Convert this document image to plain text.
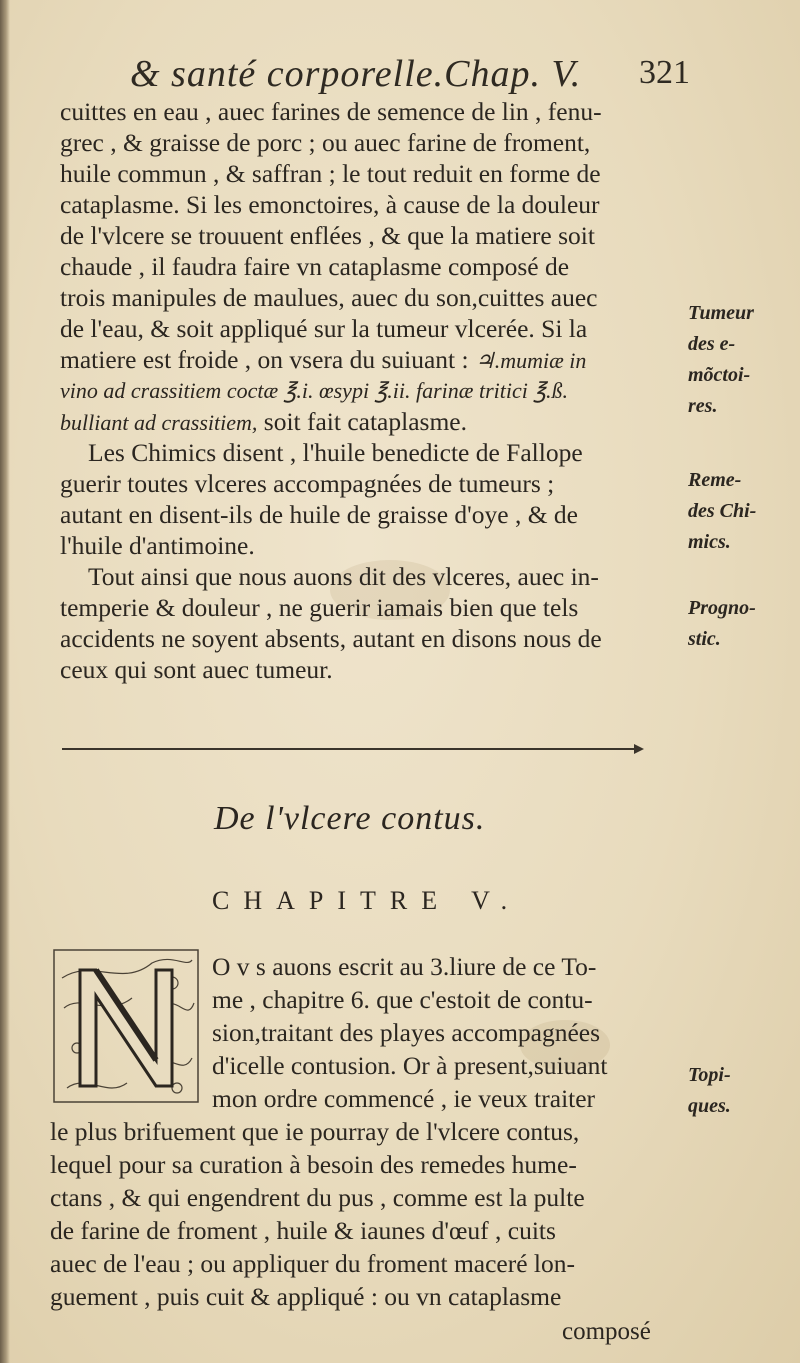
& santé corporelle.Chap. V. 321
cuittes en eau , auec farines de semence de lin , fenu-
grec , & graisse de porc ; ou auec farine de froment,
huile commun , & saffran ; le tout reduit en forme de
cataplasme. Si les emonctoires, à cause de la douleur
de l'vlcere se trouuent enflées , & que la matiere soit
chaude , il faudra faire vn cataplasme composé de
trois manipules de maulues, auec du son,cuittes auec
de l'eau, & soit appliqué sur la tumeur vlcerée. Si la
matiere est froide , on vsera du suiuant : ♃.mumiæ in
vino ad crassitiem coctæ ℥.i. œsypi ℥.ii. farinæ tritici ℥.ß.
bulliant ad crassitiem, soit fait cataplasme.
Les Chimics disent , l'huile benedicte de Fallope
guerir toutes vlceres accompagnées de tumeurs ;
autant en disent-ils de huile de graisse d'oye , & de
l'huile d'antimoine.
Tout ainsi que nous auons dit des vlceres, auec in-
temperie & douleur , ne guerir iamais bien que tels
accidents ne soyent absents, autant en disons nous de
ceux qui sont auec tumeur.
Tumeur
des e-
mõctoi-
res.
Reme-
des Chi-
mics.
Progno-
stic.
Topi-
ques.
De l'vlcere contus.
CHAPITRE V.
O v s auons escrit au 3.liure de ce To-
me , chapitre 6. que c'estoit de contu-
sion,traitant des playes accompagnées
d'icelle contusion. Or à present,suiuant
mon ordre commencé , ie veux traiter
le plus brifuement que ie pourray de l'vlcere contus,
lequel pour sa curation à besoin des remedes hume-
ctans , & qui engendrent du pus , comme est la pulte
de farine de froment , huile & iaunes d'œuf , cuits
auec de l'eau ; ou appliquer du froment maceré lon-
guement , puis cuit & appliqué : ou vn cataplasme
composé
